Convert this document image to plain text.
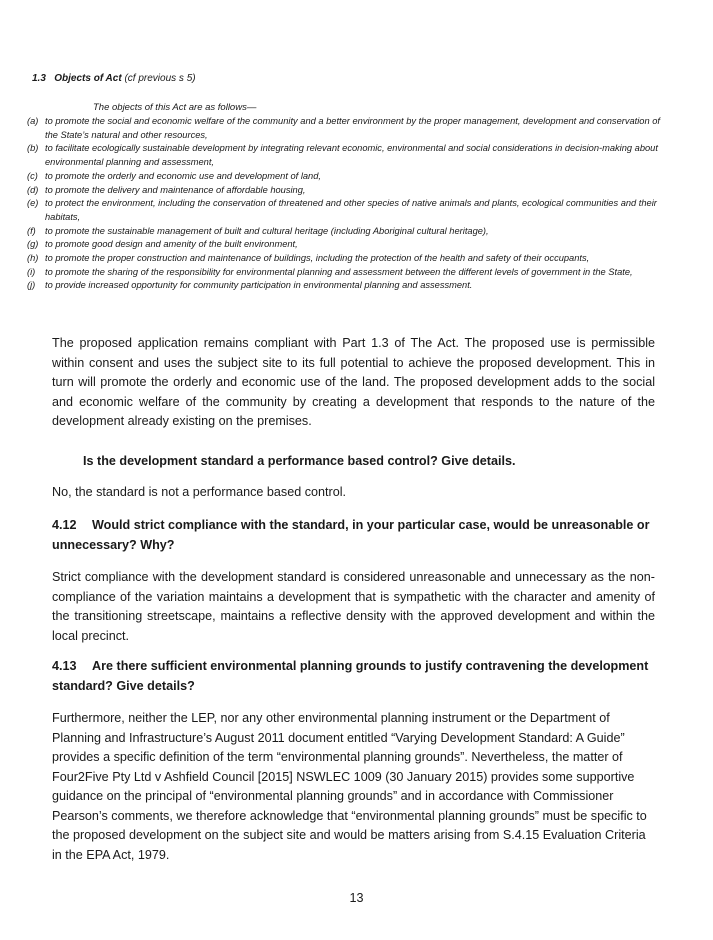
1.3 Objects of Act (cf previous s 5)
The objects of this Act are as follows—
(a) to promote the social and economic welfare of the community and a better environment by the proper management, development and conservation of the State’s natural and other resources,
(b) to facilitate ecologically sustainable development by integrating relevant economic, environmental and social considerations in decision-making about environmental planning and assessment,
(c) to promote the orderly and economic use and development of land,
(d) to promote the delivery and maintenance of affordable housing,
(e) to protect the environment, including the conservation of threatened and other species of native animals and plants, ecological communities and their habitats,
(f) to promote the sustainable management of built and cultural heritage (including Aboriginal cultural heritage),
(g) to promote good design and amenity of the built environment,
(h) to promote the proper construction and maintenance of buildings, including the protection of the health and safety of their occupants,
(i)	to promote the sharing of the responsibility for environmental planning and assessment between the different levels of government in the State,
(j)	to provide increased opportunity for community participation in environmental planning and assessment.

The proposed application remains compliant with Part 1.3 of The Act. The proposed use is permissible within consent and uses the subject site to its full potential to achieve the proposed development. This in turn will promote the orderly and economic use of the land. The proposed development adds to the social and economic welfare of the community by creating a development that responds to the nature of the development already existing on the premises.

Is the development standard a performance based control? Give details.

No, the standard is not a performance based control.

4.12 Would strict compliance with the standard, in your particular case, would be unreasonable or unnecessary? Why?

Strict compliance with the development standard is considered unreasonable and unnecessary as the non-compliance of the variation maintains a development that is sympathetic with the character and amenity of the transitioning streetscape, maintains a reflective density with the approved development and within the local precinct.

4.13 Are there sufficient environmental planning grounds to justify contravening the development standard? Give details?

Furthermore, neither the LEP, nor any other environmental planning instrument or the Department of Planning and Infrastructure’s August 2011 document entitled “Varying Development Standard: A Guide” provides a specific definition of the term “environmental planning grounds”. Nevertheless, the matter of Four2Five Pty Ltd v Ashfield Council [2015] NSWLEC 1009 (30 January 2015) provides some supportive guidance on the principal of “environmental planning grounds” and in accordance with Commissioner Pearson’s comments, we therefore acknowledge that “environmental planning grounds” must be specific to the proposed development on the subject site and would be matters arising from S.4.15 Evaluation Criteria in the EPA Act, 1979.

13
